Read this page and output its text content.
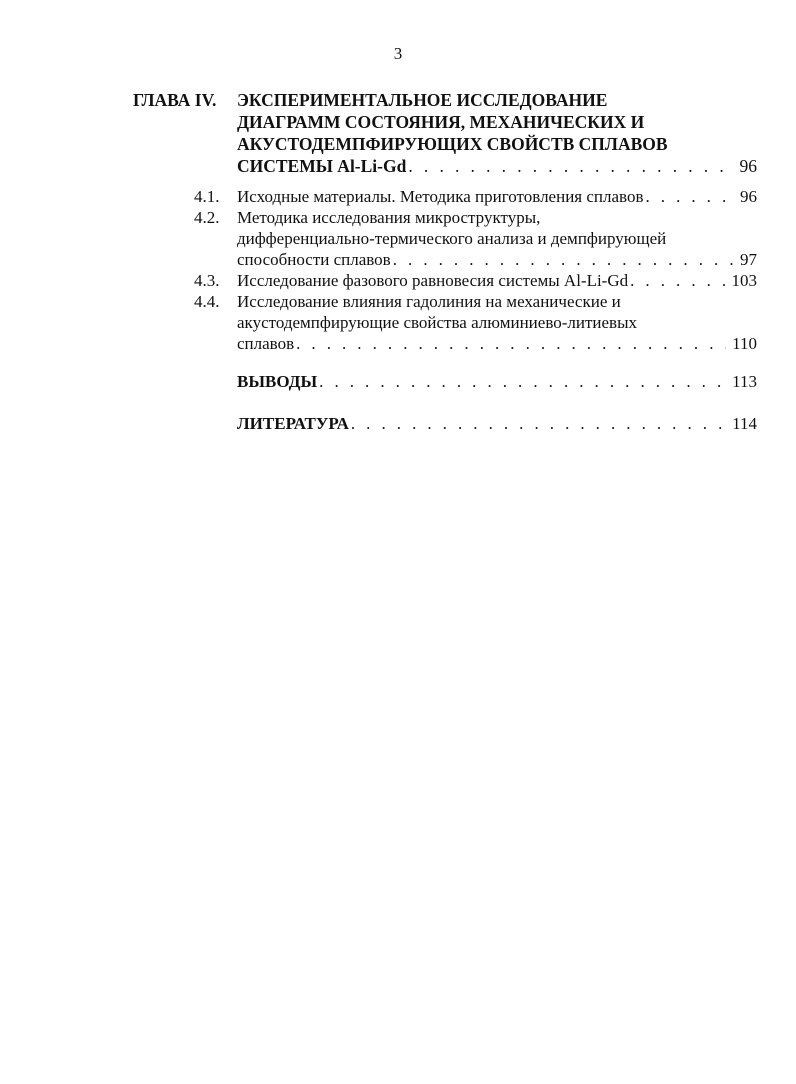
3
ГЛАВА IV. ЭКСПЕРИМЕНТАЛЬНОЕ ИССЛЕДОВАНИЕ
ДИАГРАММ СОСТОЯНИЯ, МЕХАНИЧЕСКИХ И
АКУСТОДЕМПФИРУЮЩИХ СВОЙСТВ СПЛАВОВ
СИСТЕМЫ Al-Li-Gd . . .	96
4.1.	Исходные материалы. Методика приготовления сплавов . . .	96
4.2.	Методика исследования микроструктуры,
дифференциально-термического анализа и демпфирующей
способности сплавов . . .	97
4.3.	Исследование фазового равновесия системы Al-Li-Gd . . .	103
4.4.	Исследование влияния гадолиния на механические и
акустодемпфирующие свойства алюминиево-литиевых
сплавов . . .	110
ВЫВОДЫ . . .	113
ЛИТЕРАТУРА . . .	114
